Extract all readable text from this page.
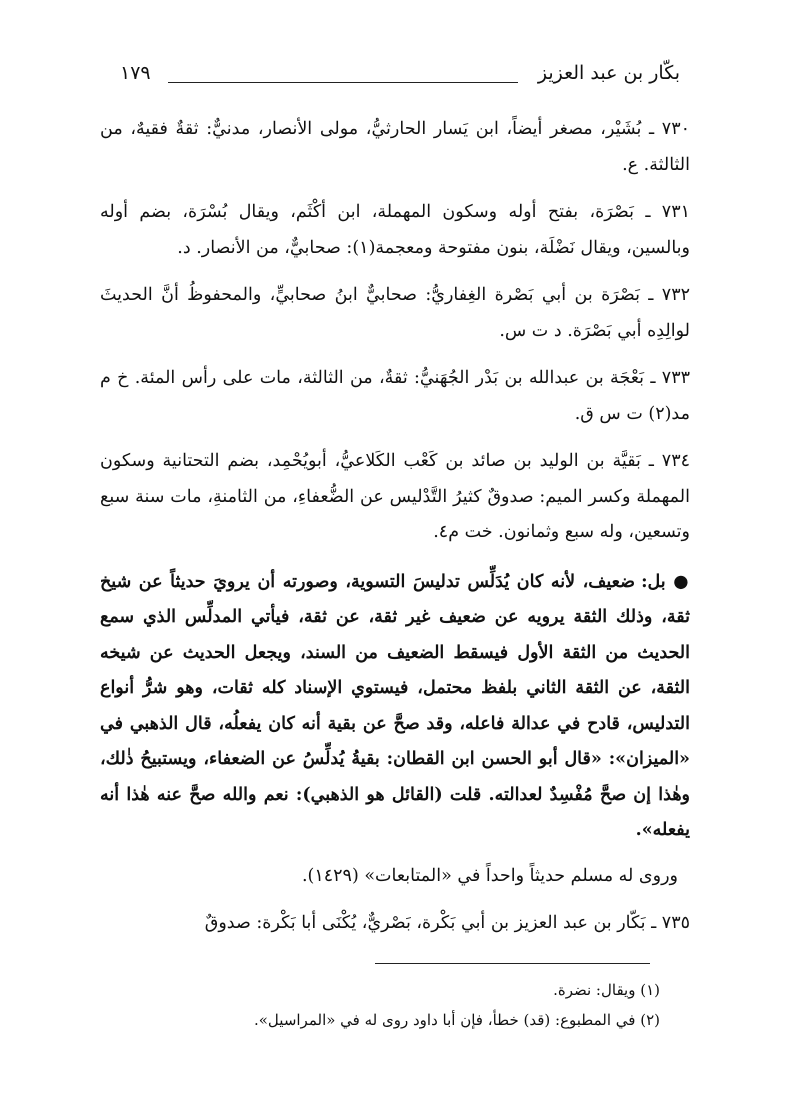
١٧٩	بكّار بن عبد العزيز

٧٣٠ ـ بُشَيْر، مصغر أيضاً، ابن يَسار الحارثيُّ، مولى الأنصار، مدنيٌّ: ثقةٌ فقيهٌ، من الثالثة. ع.

٧٣١ ـ بَصْرَة، بفتح أوله وسكون المهملة، ابن أكْثَم، ويقال بُسْرَة، بضم أوله وبالسين، ويقال نَضْلَة، بنون مفتوحة ومعجمة(١): صحابيٌّ، من الأنصار. د.

٧٣٢ ـ بَصْرَة بن أبي بَصْرة الغِفاريُّ: صحابيٌّ ابنُ صحابيٍّ، والمحفوظُ أنَّ الحديثَ لوالِدِه أبي بَصْرَة. د ت س.

٧٣٣ ـ بَعْجَة بن عبدالله بن بَدْر الجُهَنيُّ: ثقةٌ، من الثالثة، مات على رأس المئة. خ م مد(٢) ت س ق.

٧٣٤ ـ بَقيَّة بن الوليد بن صائد بن كَعْب الكَلاعيُّ، أبويُحْمِد، بضم التحتانية وسكون المهملة وكسر الميم: صدوقٌ كثيرُ التَّدْليس عن الضُّعفاءِ، من الثامنةِ، مات سنة سبع وتسعين، وله سبع وثمانون. خت م٤.

● بل: ضعيف، لأنه كان يُدَلِّس تدليسَ التسوية، وصورته أن يرويَ حديثاً عن شيخ ثقة، وذلك الثقة يرويه عن ضعيف غير ثقة، عن ثقة، فيأتي المدلِّس الذي سمع الحديث من الثقة الأول فيسقط الضعيف من السند، ويجعل الحديث عن شيخه الثقة، عن الثقة الثاني بلفظ محتمل، فيستوي الإسناد كله ثقات، وهو شرُّ أنواع التدليس، قادح في عدالة فاعله، وقد صحَّ عن بقية أنه كان يفعلُه، قال الذهبي في «الميزان»: «قال أبو الحسن ابن القطان: بقيةُ يُدلِّسُ عن الضعفاء، ويستبيحُ ذٰلك، وهٰذا إن صحَّ مُفْسِدٌ لعدالته. قلت (القائل هو الذهبي): نعم والله صحَّ عنه هٰذا أنه يفعله».

وروى له مسلم حديثاً واحداً في «المتابعات» (١٤٢٩).

٧٣٥ ـ بَكّار بن عبد العزيز بن أبي بَكْرة، بَصْريٌّ، يُكْنَى أبا بَكْرة: صدوقٌ

(١) ويقال: نضرة.
(٢) في المطبوع: (قد) خطأ، فإن أبا داود روى له في «المراسيل».
